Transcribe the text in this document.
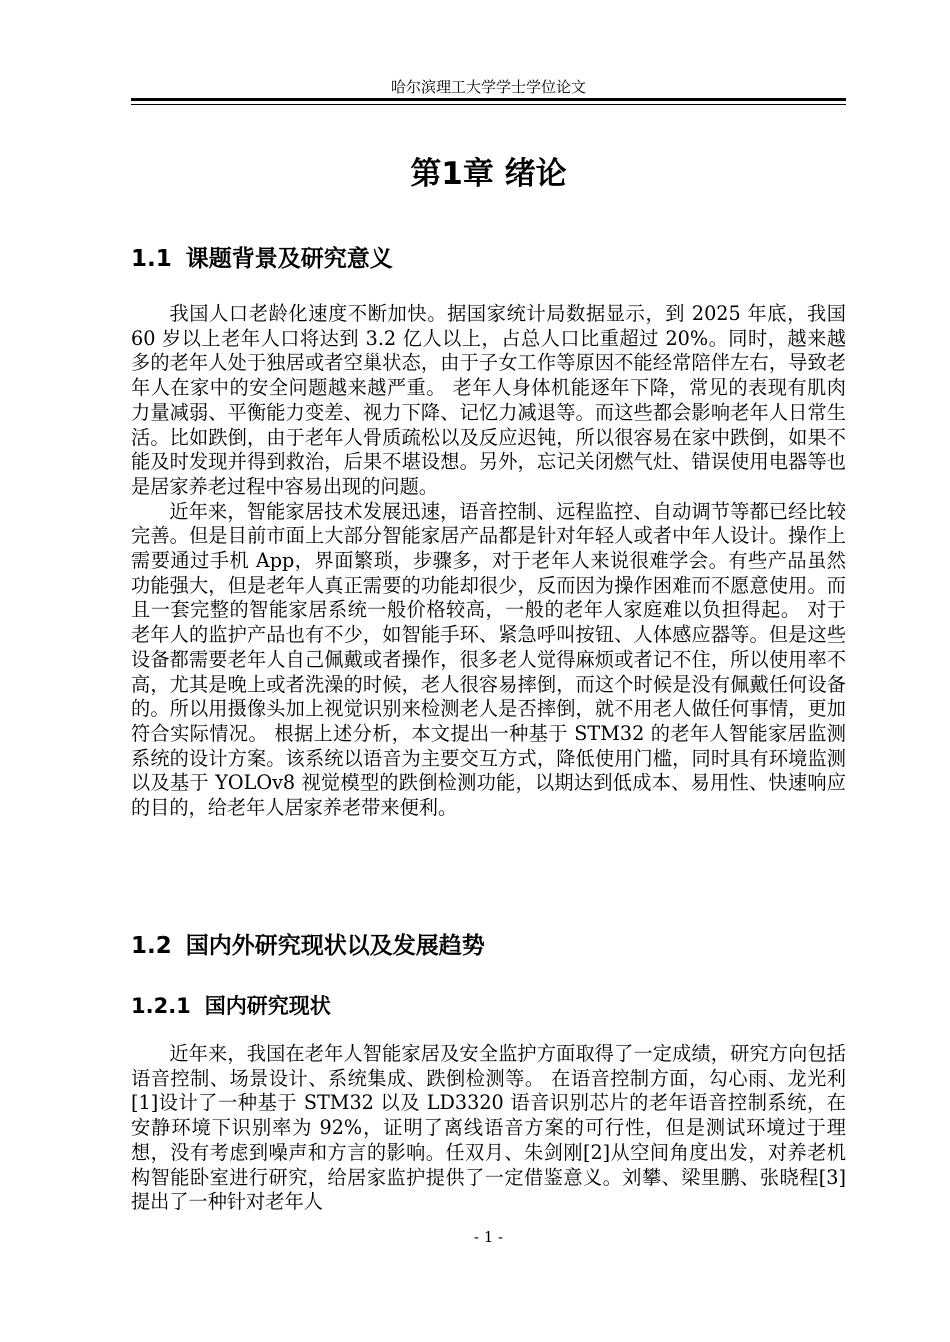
哈尔滨理工大学学士学位论文
第1章 绪论
1.1 课题背景及研究意义

我国人口老龄化速度不断加快。据国家统计局数据显示，到 2025 年底，我国 60 岁以上老年人口将达到 3.2 亿人以上，占总人口比重超过 20%。同时，越来越多的老年人处于独居或者空巢状态，由于子女工作等原因不能经常陪伴左右，导致老年人在家中的安全问题越来越严重。 老年人身体机能逐年下降，常见的表现有肌肉力量减弱、平衡能力变差、视力下降、记忆力减退等。而这些都会影响老年人日常生活。比如跌倒，由于老年人骨质疏松以及反应迟钝，所以很容易在家中跌倒，如果不能及时发现并得到救治，后果不堪设想。另外，忘记关闭燃气灶、错误使用电器等也是居家养老过程中容易出现的问题。

近年来，智能家居技术发展迅速，语音控制、远程监控、自动调节等都已经比较完善。但是目前市面上大部分智能家居产品都是针对年轻人或者中年人设计。操作上需要通过手机 App，界面繁琐，步骤多，对于老年人来说很难学会。有些产品虽然功能强大，但是老年人真正需要的功能却很少，反而因为操作困难而不愿意使用。而且一套完整的智能家居系统一般价格较高，一般的老年人家庭难以负担得起。 对于老年人的监护产品也有不少，如智能手环、紧急呼叫按钮、人体感应器等。但是这些设备都需要老年人自己佩戴或者操作，很多老人觉得麻烦或者记不住，所以使用率不高，尤其是晚上或者洗澡的时候，老人很容易摔倒，而这个时候是没有佩戴任何设备的。所以用摄像头加上视觉识别来检测老人是否摔倒，就不用老人做任何事情，更加符合实际情况。 根据上述分析，本文提出一种基于 STM32 的老年人智能家居监测系统的设计方案。该系统以语音为主要交互方式，降低使用门槛，同时具有环境监测以及基于 YOLOv8 视觉模型的跌倒检测功能，以期达到低成本、易用性、快速响应的目的，给老年人居家养老带来便利。

1.2 国内外研究现状以及发展趋势
1.2.1 国内研究现状

近年来，我国在老年人智能家居及安全监护方面取得了一定成绩，研究方向包括语音控制、场景设计、系统集成、跌倒检测等。 在语音控制方面，勾心雨、龙光利[1]设计了一种基于 STM32 以及 LD3320 语音识别芯片的老年语音控制系统，在安静环境下识别率为 92%，证明了离线语音方案的可行性，但是测试环境过于理想，没有考虑到噪声和方言的影响。任双月、朱剑刚[2]从空间角度出发，对养老机构智能卧室进行研究，给居家监护提供了一定借鉴意义。刘攀、梁里鹏、张晓程[3]提出了一种针对老年人

- 1 -
